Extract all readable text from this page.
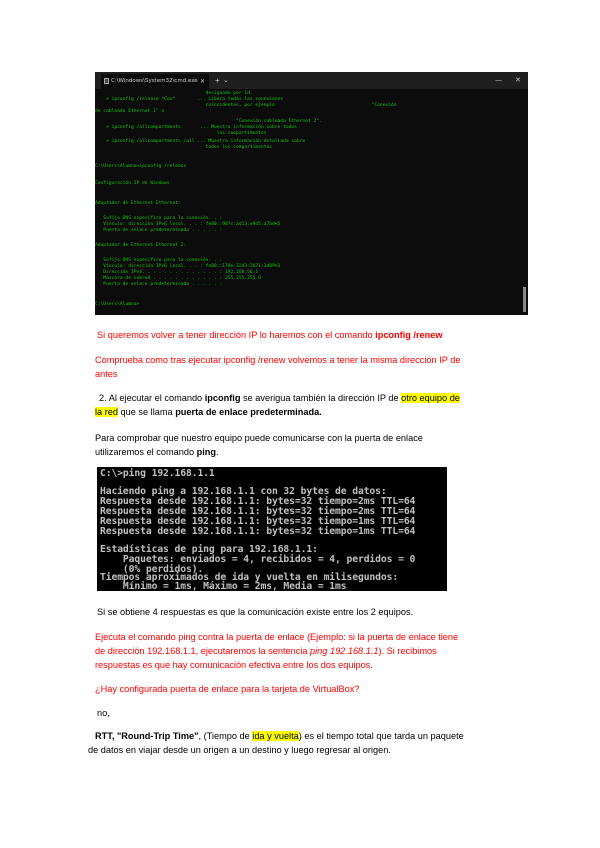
C:\Windows\System32\cmd.exe ✕ + ⌄	— ✕
designado por id.
> ipconfig /release *Con*        ... Libera todas las conexiones
coincidentes, por ejemplo                                   "Conexión
de cableado Ethernet 1" o
"Conexión cableada Ethernet 2".
> ipconfig /allcompartments       ... Muestra información sobre todos
los compartimentos
> ipconfig /allcompartments /all ... Muestra información detallada sobre
todos los compartimentos
C:\Users\Alumno>ipconfig /release
Configuración IP de Windows
Adaptador de Ethernet Ethernet:
Sufijo DNS específico para la conexión. . :
Vínculo: dirección IPv6 local. . . : fe80::96fc:ad13:e9d5:a7bd%5
Puerta de enlace predeterminada . . . . . :
Adaptador de Ethernet Ethernet 2:
Sufijo DNS específico para la conexión. . :
Vínculo: dirección IPv6 local. . . : fe80::179e:3243:2071:3d89%3
Dirección IPv4. . . . . . . . . . . . . . : 192.168.56.1
Máscara de subred . . . . . . . . . . . . : 255.255.255.0
Puerta de enlace predeterminada . . . . . :
C:\Users\Alumno>
Si queremos volver a tener dirección IP lo haremos con el comando ipconfig /renew
Comprueba como tras ejecutar ipconfig /renew volvemos a tener la misma dirección IP de
antes
2. Al ejecutar el comando ipconfig se averigua también la dirección IP de otro equipo de
la red que se llama puerta de enlace predeterminada.
Para comprobar que nuestro equipo puede comunicarse con la puerta de enlace
utilizaremos el comando ping.
C:\>ping 192.168.1.1
Haciendo ping a 192.168.1.1 con 32 bytes de datos:
Respuesta desde 192.168.1.1: bytes=32 tiempo=2ms TTL=64
Respuesta desde 192.168.1.1: bytes=32 tiempo=2ms TTL=64
Respuesta desde 192.168.1.1: bytes=32 tiempo=1ms TTL=64
Respuesta desde 192.168.1.1: bytes=32 tiempo=1ms TTL=64
Estadísticas de ping para 192.168.1.1:
Paquetes: enviados = 4, recibidos = 4, perdidos = 0
(0% perdidos).
Tiempos aproximados de ida y vuelta en milisegundos:
Mínimo = 1ms, Máximo = 2ms, Media = 1ms
Si se obtiene 4 respuestas es que la comunicación existe entre los 2 equipos.
Ejecuta el comando ping contra la puerta de enlace (Ejemplo: si la puerta de enlace tiene
de dirección 192.168.1.1, ejecutaremos la sentencia ping 192.168.1.1). Si recibimos
respuestas es que hay comunicación efectiva entre los dos equipos.
¿Hay configurada puerta de enlace para la tarjeta de VirtualBox?
no,
RTT, "Round-Trip Time", (Tiempo de ida y vuelta) es el tiempo total que tarda un paquete
de datos en viajar desde un origen a un destino y luego regresar al origen.
